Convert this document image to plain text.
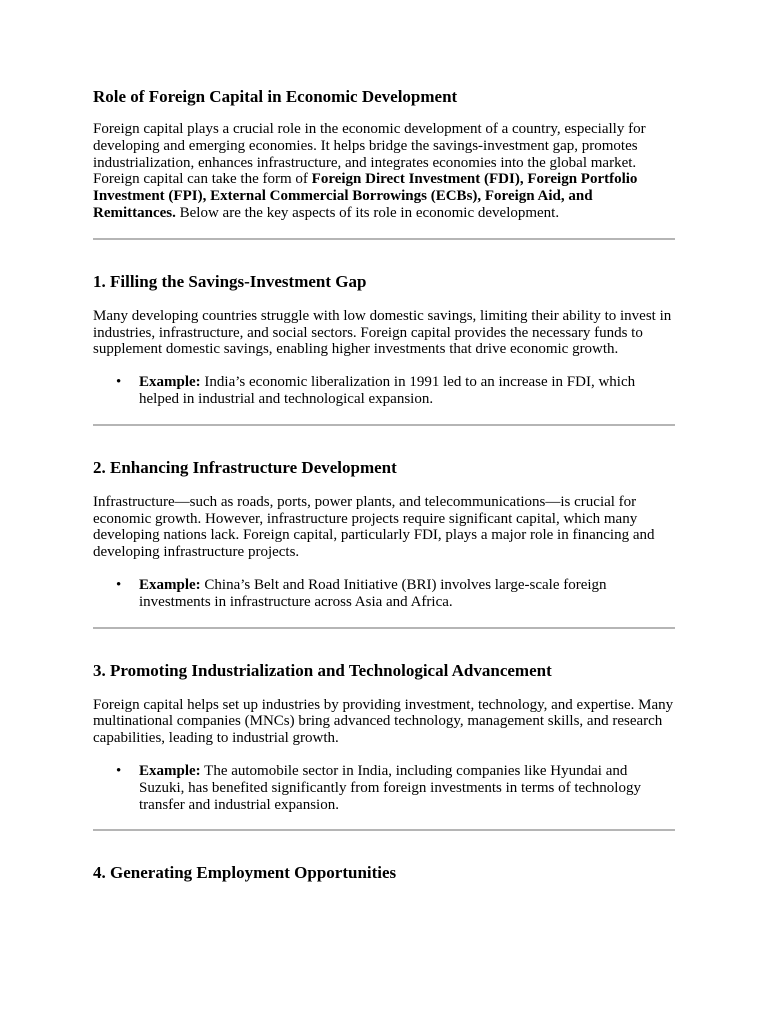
Role of Foreign Capital in Economic Development

Foreign capital plays a crucial role in the economic development of a country, especially for developing and emerging economies. It helps bridge the savings-investment gap, promotes industrialization, enhances infrastructure, and integrates economies into the global market. Foreign capital can take the form of Foreign Direct Investment (FDI), Foreign Portfolio Investment (FPI), External Commercial Borrowings (ECBs), Foreign Aid, and Remittances. Below are the key aspects of its role in economic development.

1. Filling the Savings-Investment Gap

Many developing countries struggle with low domestic savings, limiting their ability to invest in industries, infrastructure, and social sectors. Foreign capital provides the necessary funds to supplement domestic savings, enabling higher investments that drive economic growth.

• Example: India’s economic liberalization in 1991 led to an increase in FDI, which helped in industrial and technological expansion.
2. Enhancing Infrastructure Development

Infrastructure—such as roads, ports, power plants, and telecommunications—is crucial for economic growth. However, infrastructure projects require significant capital, which many developing nations lack. Foreign capital, particularly FDI, plays a major role in financing and developing infrastructure projects.

• Example: China’s Belt and Road Initiative (BRI) involves large-scale foreign investments in infrastructure across Asia and Africa.
3. Promoting Industrialization and Technological Advancement

Foreign capital helps set up industries by providing investment, technology, and expertise. Many multinational companies (MNCs) bring advanced technology, management skills, and research capabilities, leading to industrial growth.

• Example: The automobile sector in India, including companies like Hyundai and Suzuki, has benefited significantly from foreign investments in terms of technology transfer and industrial expansion.
4. Generating Employment Opportunities
